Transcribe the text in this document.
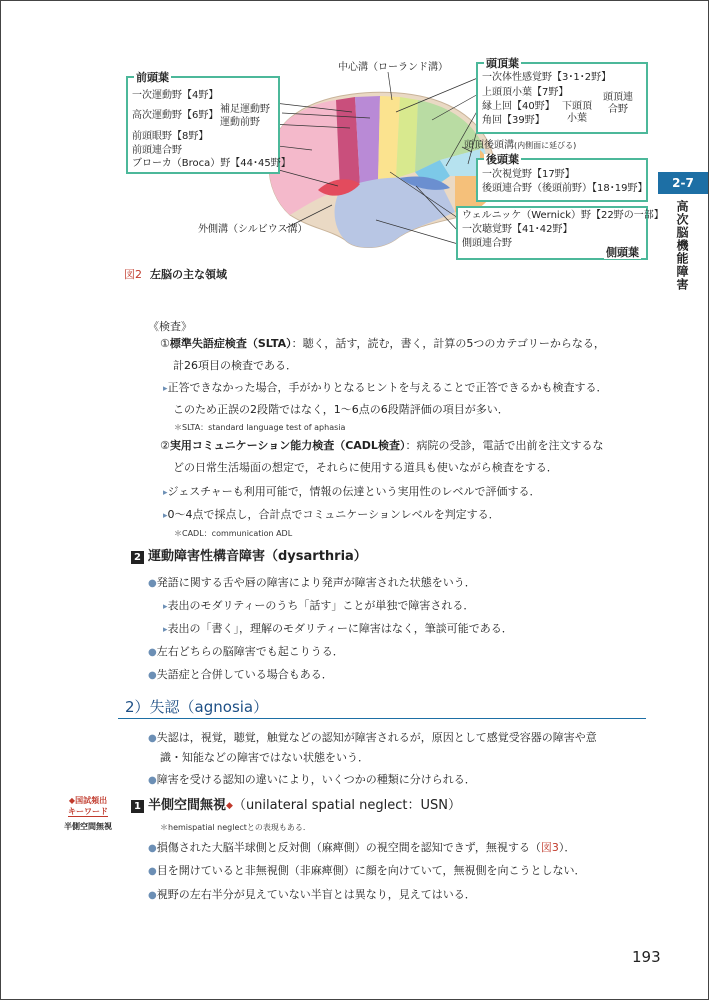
前頭葉
一次運動野【4野】
高次運動野【6野】
補足運動野
運動前野
前頭眼野【8野】
前頭連合野
ブローカ（Broca）野【44･45野】
中心溝（ローランド溝）
外側溝（シルビウス溝）
頭頂葉
一次体性感覚野【3･1･2野】
上頭頂小葉【7野】
縁上回【40野】
角回【39野】
下頭頂小葉
頭頂連合野
頭頂後頭溝(内側面に延びる)
後頭葉
一次視覚野【17野】
後頭連合野（後頭前野）【18･19野】
ウェルニッケ（Wernick）野【22野の一部】
一次聴覚野【41･42野】
側頭連合野
側頭葉
図2 左脳の主な領域
2-7
高次脳機能障害
《検査》
①標準失語症検査（SLTA）：聴く，話す，読む，書く，計算の5つのカテゴリーからなる，
計26項目の検査である．
▸正答できなかった場合，手がかりとなるヒントを与えることで正答できるかも検査する．
このため正誤の2段階ではなく，1～6点の6段階評価の項目が多い．
＊SLTA：standard language test of aphasia
②実用コミュニケーション能力検査（CADL検査）：病院の受診，電話で出前を注文するな
どの日常生活場面の想定で，それらに使用する道具も使いながら検査をする．
▸ジェスチャーも利用可能で，情報の伝達という実用性のレベルで評価する．
▸0～4点で採点し，合計点でコミュニケーションレベルを判定する．
＊CADL：communication ADL
2 運動障害性構音障害（dysarthria）
●発語に関する舌や唇の障害により発声が障害された状態をいう．
▸表出のモダリティーのうち「話す」ことが単独で障害される．
▸表出の「書く」，理解のモダリティーに障害はなく，筆談可能である．
●左右どちらの脳障害でも起こりうる．
●失語症と合併している場合もある．
2）失認（agnosia）
●失認は，視覚，聴覚，触覚などの認知が障害されるが，原因として感覚受容器の障害や意
識・知能などの障害ではない状態をいう．
●障害を受ける認知の違いにより，いくつかの種類に分けられる．
◆国試頻出
キーワード
半側空間無視
1 半側空間無視◆（unilateral spatial neglect：USN）
＊hemispatial neglectとの表現もある．
●損傷された大脳半球側と反対側（麻痺側）の視空間を認知できず，無視する（図3）．
●目を開けていると非無視側（非麻痺側）に顔を向けていて，無視側を向こうとしない．
●視野の左右半分が見えていない半盲とは異なり，見えてはいる．
193
